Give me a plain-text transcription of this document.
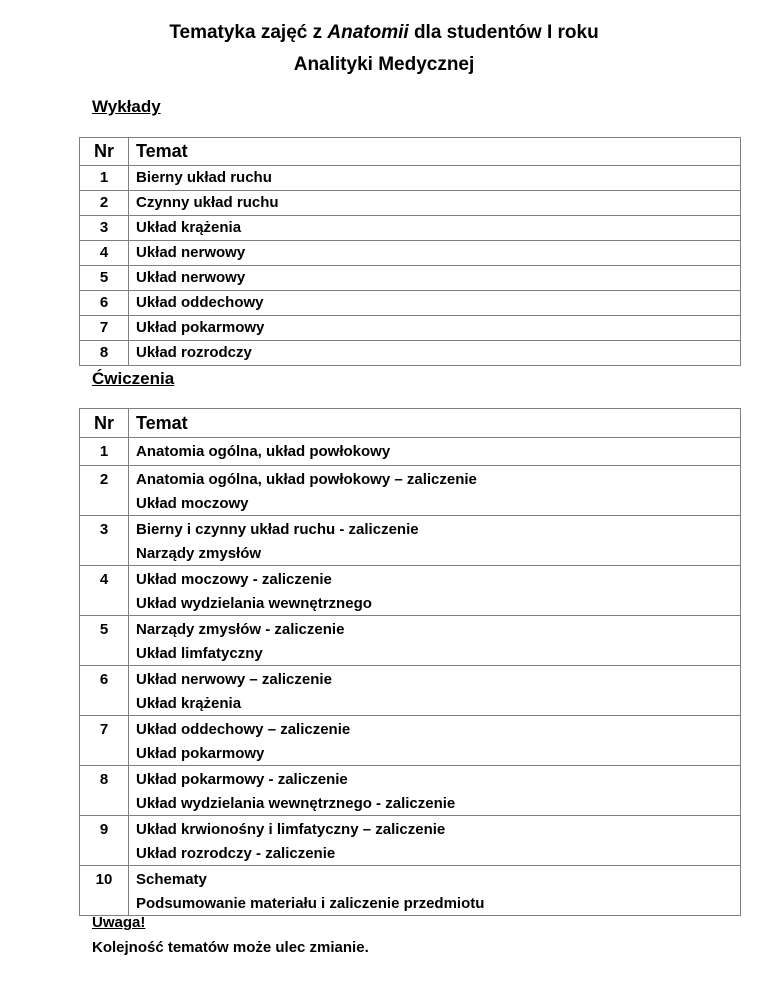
Tematyka zajęć z Anatomii dla studentów I roku
Analityki Medycznej
Wykłady
Nr	Temat
1	Bierny układ ruchu
2	Czynny układ ruchu
3	Układ krążenia
4	Układ nerwowy
5	Układ nerwowy
6	Układ oddechowy
7	Układ pokarmowy
8	Układ rozrodczy
Ćwiczenia
Nr	Temat
1	Anatomia ogólna, układ powłokowy

2	Anatomia ogólna, układ powłokowy – zaliczenie
Układ moczowy

3	Bierny i czynny układ ruchu - zaliczenie
Narządy zmysłów

4	Układ moczowy - zaliczenie
Układ wydzielania wewnętrznego

5	Narządy zmysłów - zaliczenie
Układ limfatyczny

6	Układ nerwowy – zaliczenie
Układ krążenia

7	Układ oddechowy – zaliczenie
Układ pokarmowy

8	Układ pokarmowy - zaliczenie
Układ wydzielania wewnętrznego - zaliczenie

9	Układ krwionośny i limfatyczny – zaliczenie
Układ rozrodczy - zaliczenie

10	Schematy
Podsumowanie materiału i zaliczenie przedmiotu
Uwaga!
Kolejność tematów może ulec zmianie.
